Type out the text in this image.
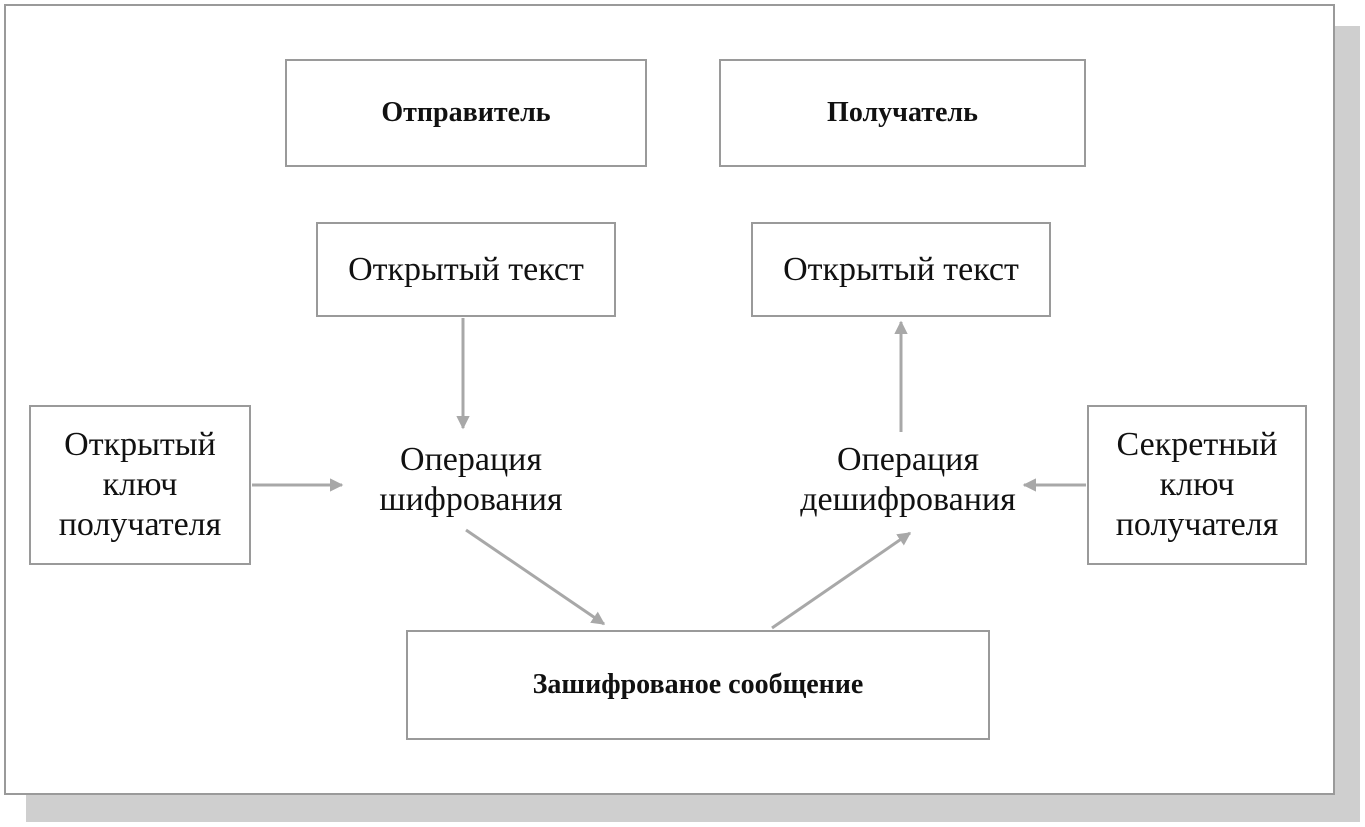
Отправитель	Получатель
Открытый текст	Открытый текст
Открытый
ключ
получателя
Секретный
ключ
получателя
Операция
шифрования
Операция
дешифрования
Зашифрованое сообщение
